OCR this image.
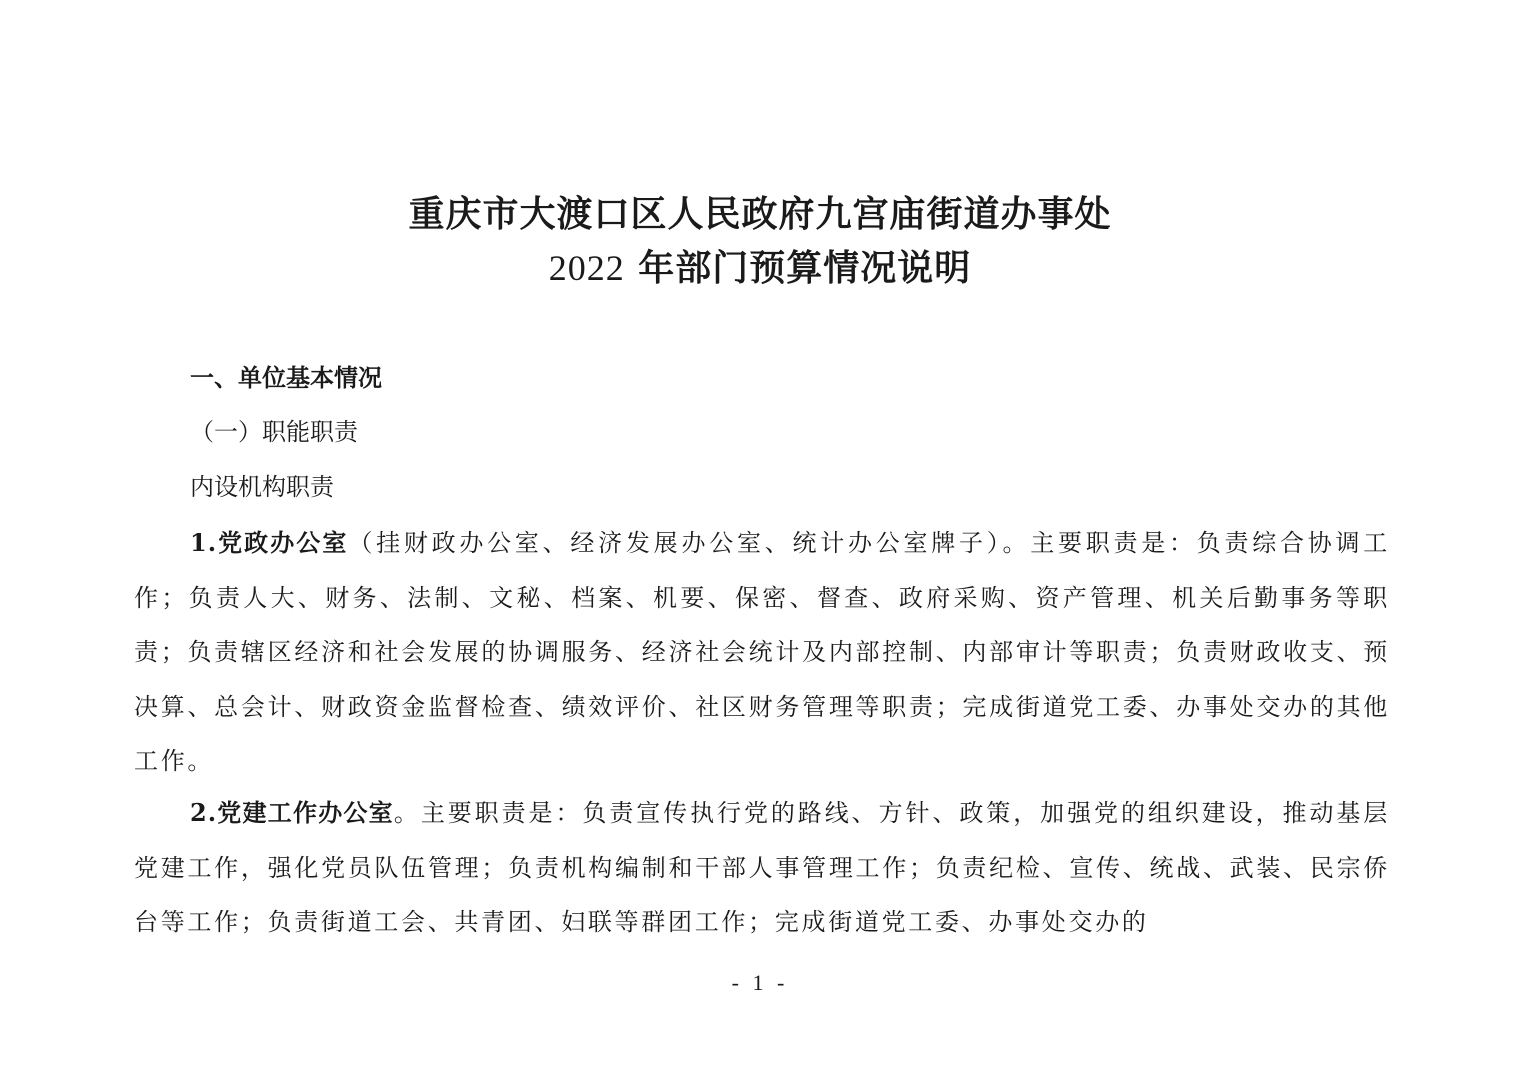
重庆市大渡口区人民政府九宫庙街道办事处
2022 年部门预算情况说明
一、单位基本情况
（一）职能职责
内设机构职责
1.党政办公室（挂财政办公室、经济发展办公室、统计办公室牌子）。主要职责是：负责综合协调工作；负责人大、财务、法制、文秘、档案、机要、保密、督查、政府采购、资产管理、机关后勤事务等职责；负责辖区经济和社会发展的协调服务、经济社会统计及内部控制、内部审计等职责；负责财政收支、预决算、总会计、财政资金监督检查、绩效评价、社区财务管理等职责；完成街道党工委、办事处交办的其他工作。
2.党建工作办公室。主要职责是：负责宣传执行党的路线、方针、政策，加强党的组织建设，推动基层党建工作，强化党员队伍管理；负责机构编制和干部人事管理工作；负责纪检、宣传、统战、武装、民宗侨台等工作；负责街道工会、共青团、妇联等群团工作；完成街道党工委、办事处交办的
- 1 -
